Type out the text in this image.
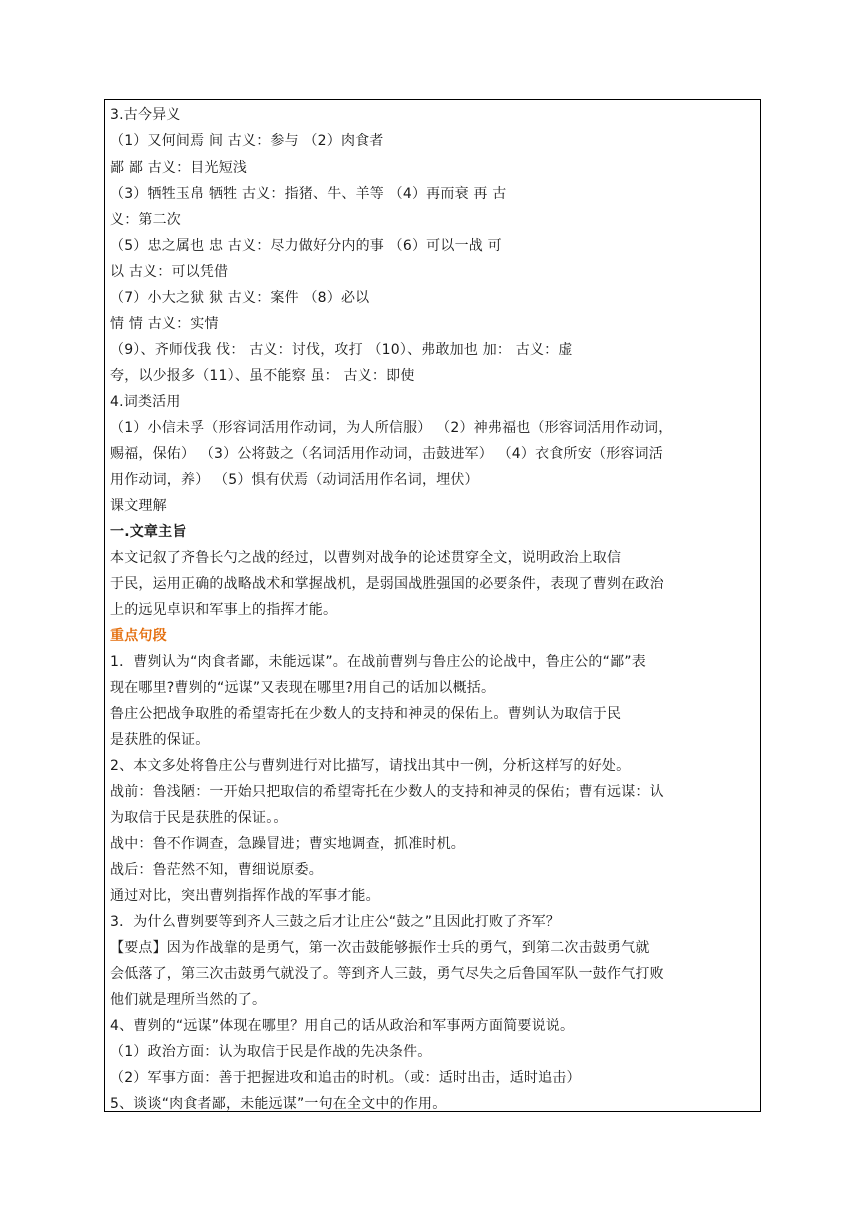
3.古今异义
（1）又何间焉 间 古义：参与 （2）肉食者
鄙 鄙 古义：目光短浅
（3）牺牲玉帛 牺牲 古义：指猪、牛、羊等 （4）再而衰 再 古
义：第二次
（5）忠之属也 忠 古义：尽力做好分内的事 （6）可以一战 可
以 古义：可以凭借
（7）小大之狱 狱 古义：案件 （8）必以
情 情 古义：实情
（9）、齐师伐我 伐： 古义：讨伐，攻打 （10）、弗敢加也 加： 古义：虚
夸，以少报多（11）、虽不能察 虽： 古义：即使
4.词类活用
（1）小信未孚（形容词活用作动词，为人所信服） （2）神弗福也（形容词活用作动词，
赐福，保佑） （3）公将鼓之（名词活用作动词，击鼓进军） （4）衣食所安（形容词活
用作动词，养） （5）惧有伏焉（动词活用作名词，埋伏）
课文理解
一.文章主旨
本文记叙了齐鲁长勺之战的经过，以曹刿对战争的论述贯穿全文，说明政治上取信
于民，运用正确的战略战术和掌握战机，是弱国战胜强国的必要条件，表现了曹刿在政治
上的远见卓识和军事上的指挥才能。
重点句段
1．曹刿认为“肉食者鄙，未能远谋”。在战前曹刿与鲁庄公的论战中，鲁庄公的“鄙”表
现在哪里?曹刿的“远谋”又表现在哪里?用自己的话加以概括。
鲁庄公把战争取胜的希望寄托在少数人的支持和神灵的保佑上。曹刿认为取信于民
是获胜的保证。
2、本文多处将鲁庄公与曹刿进行对比描写，请找出其中一例，分析这样写的好处。
战前：鲁浅陋：一开始只把取信的希望寄托在少数人的支持和神灵的保佑；曹有远谋：认
为取信于民是获胜的保证。。
战中：鲁不作调查，急躁冒进；曹实地调查，抓准时机。
战后：鲁茫然不知，曹细说原委。
通过对比，突出曹刿指挥作战的军事才能。
3．为什么曹刿要等到齐人三鼓之后才让庄公“鼓之”且因此打败了齐军？
【要点】因为作战靠的是勇气，第一次击鼓能够振作士兵的勇气，到第二次击鼓勇气就
会低落了，第三次击鼓勇气就没了。等到齐人三鼓，勇气尽失之后鲁国军队一鼓作气打败
他们就是理所当然的了。
4、曹刿的“远谋”体现在哪里？用自己的话从政治和军事两方面简要说说。
（1）政治方面：认为取信于民是作战的先决条件。
（2）军事方面：善于把握进攻和追击的时机。（或：适时出击，适时追击）
5、谈谈“肉食者鄙，未能远谋”一句在全文中的作用。
